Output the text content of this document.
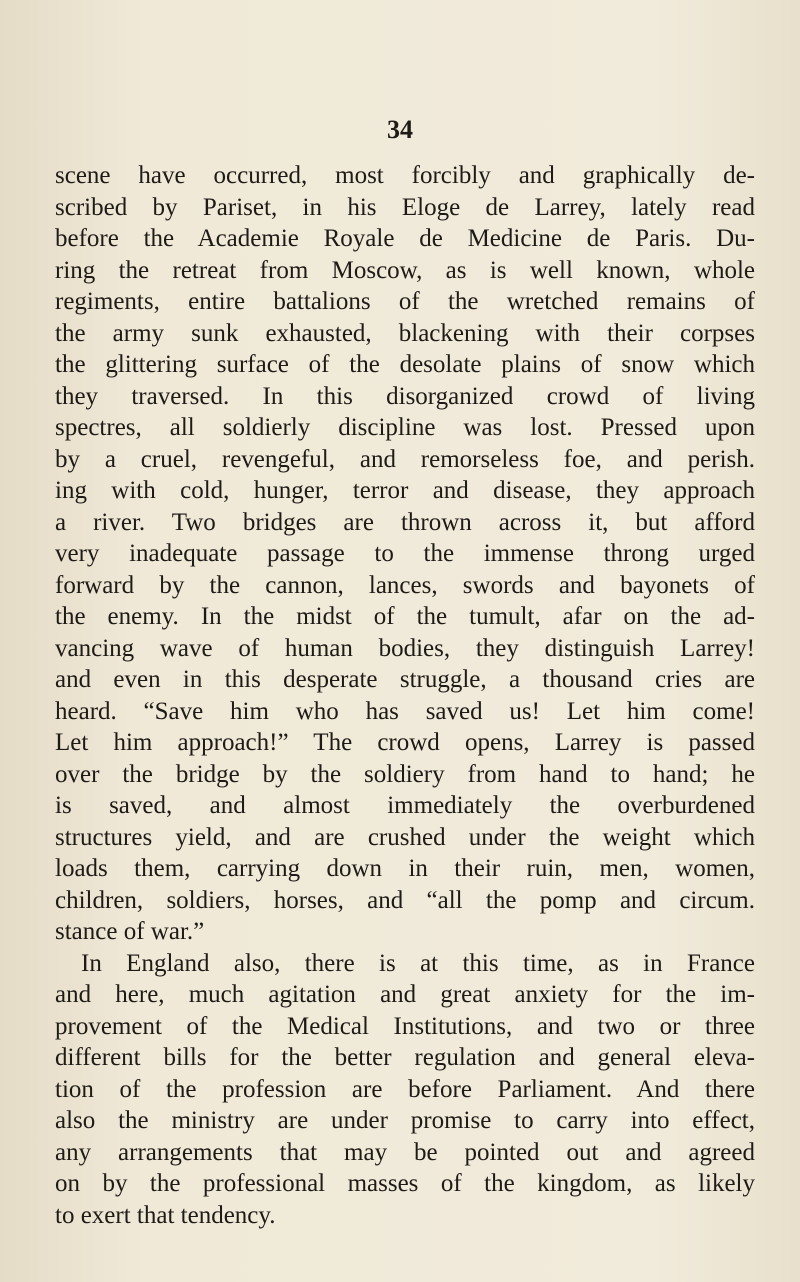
34
scene have occurred, most forcibly and graphically de-
scribed by Pariset, in his Eloge de Larrey, lately read
before the Academie Royale de Medicine de Paris. Du-
ring the retreat from Moscow, as is well known, whole
regiments, entire battalions of the wretched remains of
the army sunk exhausted, blackening with their corpses
the glittering surface of the desolate plains of snow which
they traversed. In this disorganized crowd of living
spectres, all soldierly discipline was lost. Pressed upon
by a cruel, revengeful, and remorseless foe, and perish.
ing with cold, hunger, terror and disease, they approach
a river. Two bridges are thrown across it, but afford
very inadequate passage to the immense throng urged
forward by the cannon, lances, swords and bayonets of
the enemy. In the midst of the tumult, afar on the ad-
vancing wave of human bodies, they distinguish Larrey!
and even in this desperate struggle, a thousand cries are
heard. “Save him who has saved us! Let him come!
Let him approach!” The crowd opens, Larrey is passed
over the bridge by the soldiery from hand to hand; he
is saved, and almost immediately the overburdened
structures yield, and are crushed under the weight which
loads them, carrying down in their ruin, men, women,
children, soldiers, horses, and “all the pomp and circum.
stance of war.”
In England also, there is at this time, as in France
and here, much agitation and great anxiety for the im-
provement of the Medical Institutions, and two or three
different bills for the better regulation and general eleva-
tion of the profession are before Parliament. And there
also the ministry are under promise to carry into effect,
any arrangements that may be pointed out and agreed
on by the professional masses of the kingdom, as likely
to exert that tendency.
